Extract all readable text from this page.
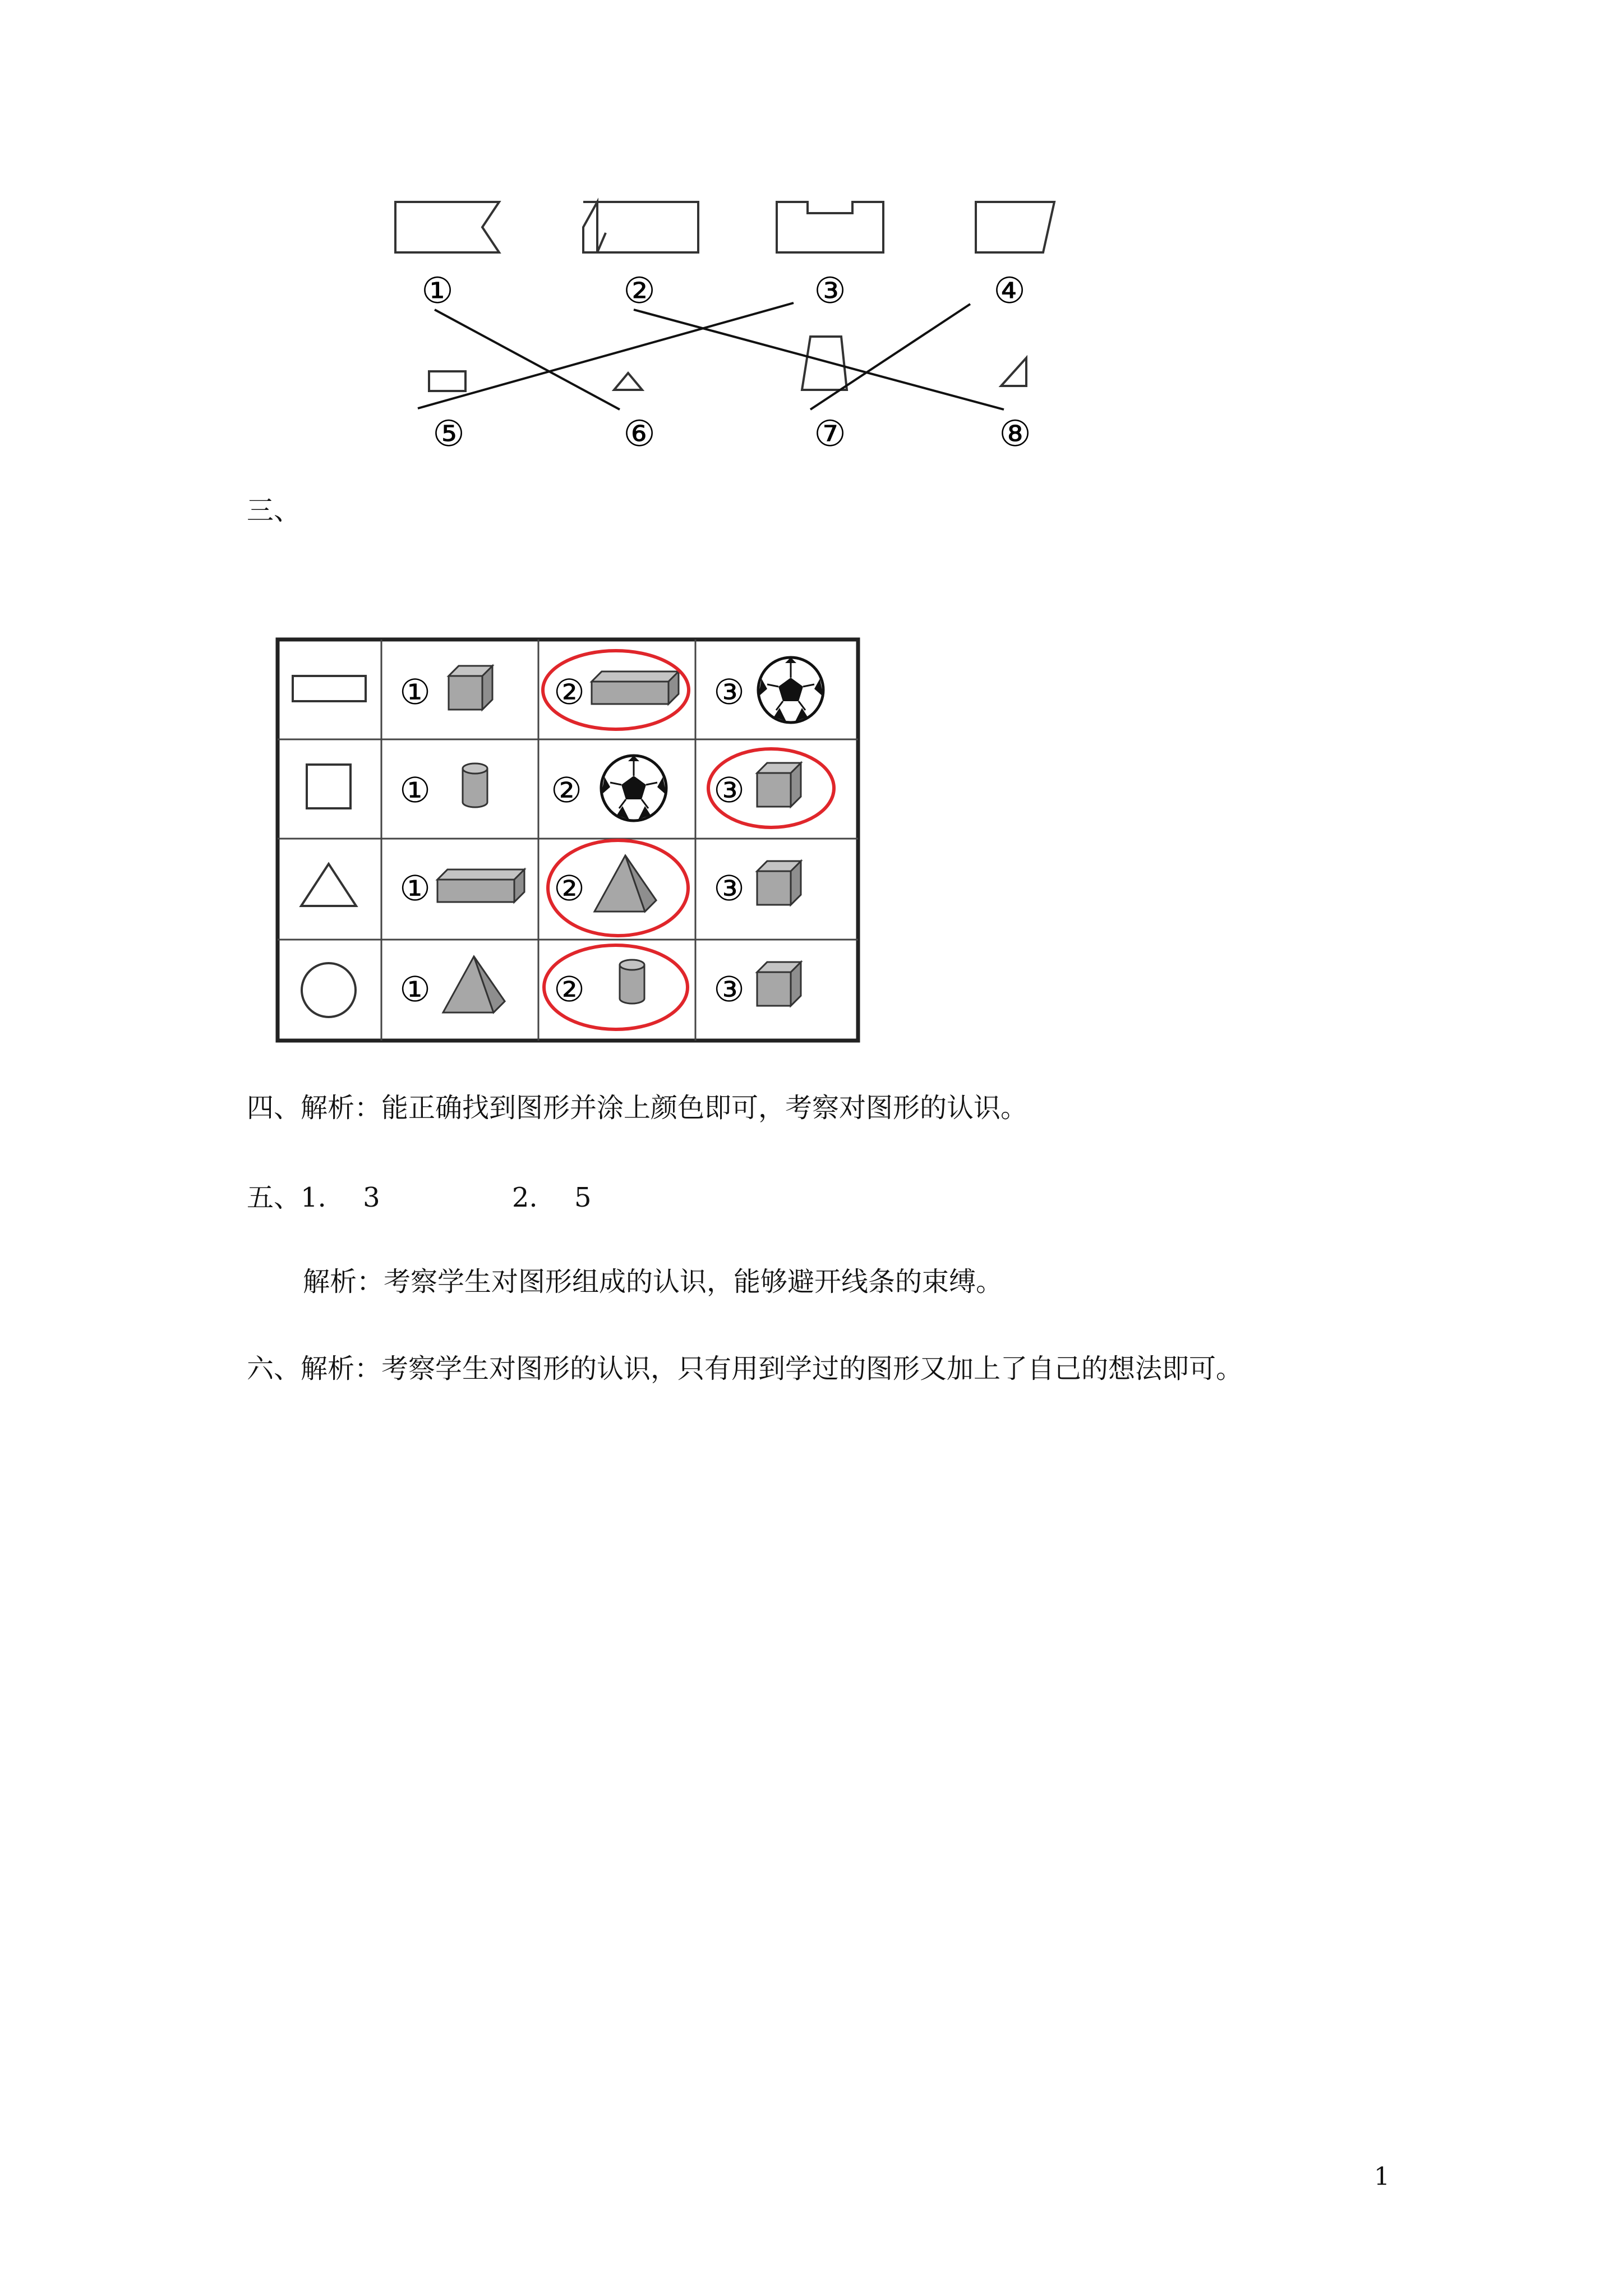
①	②	③	④
⑤	⑥	⑦	⑧
三、
①	②	③
①	②	③
①	②	③
①	②	③
四、解析：能正确找到图形并涂上颜色即可，考察对图形的认识。
五、1. 3	2. 5
解析：考察学生对图形组成的认识，能够避开线条的束缚。
六、解析：考察学生对图形的认识，只有用到学过的图形又加上了自己的想法即可。
1
